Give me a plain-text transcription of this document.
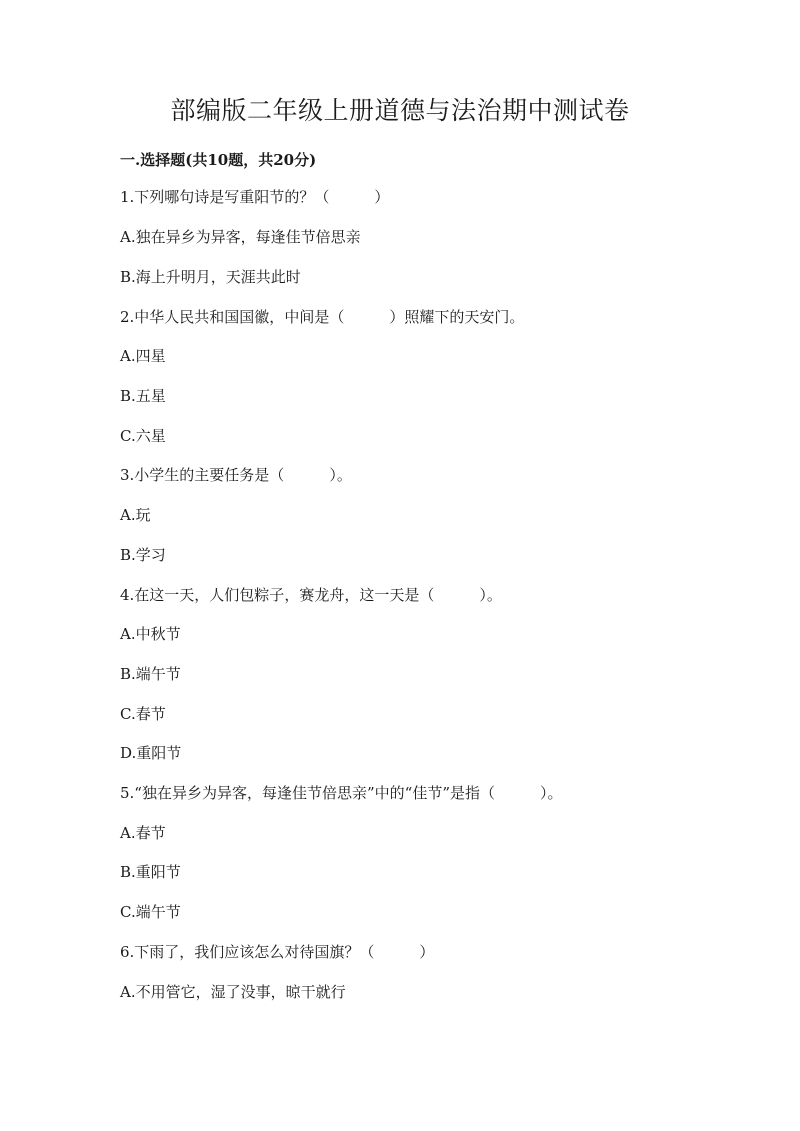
部编版二年级上册道德与法治期中测试卷
一.选择题(共10题，共20分)
1.下列哪句诗是写重阳节的？（　　　）
A.独在异乡为异客，每逢佳节倍思亲
B.海上升明月，天涯共此时
2.中华人民共和国国徽，中间是（　　　）照耀下的天安门。
A.四星
B.五星
C.六星
3.小学生的主要任务是（　　　）。
A.玩
B.学习
4.在这一天，人们包粽子，赛龙舟，这一天是（　　　）。
A.中秋节
B.端午节
C.春节
D.重阳节
5.“独在异乡为异客，每逢佳节倍思亲”中的“佳节”是指（　　　）。
A.春节
B.重阳节
C.端午节
6.下雨了，我们应该怎么对待国旗？（　　　）
A.不用管它，湿了没事，晾干就行
